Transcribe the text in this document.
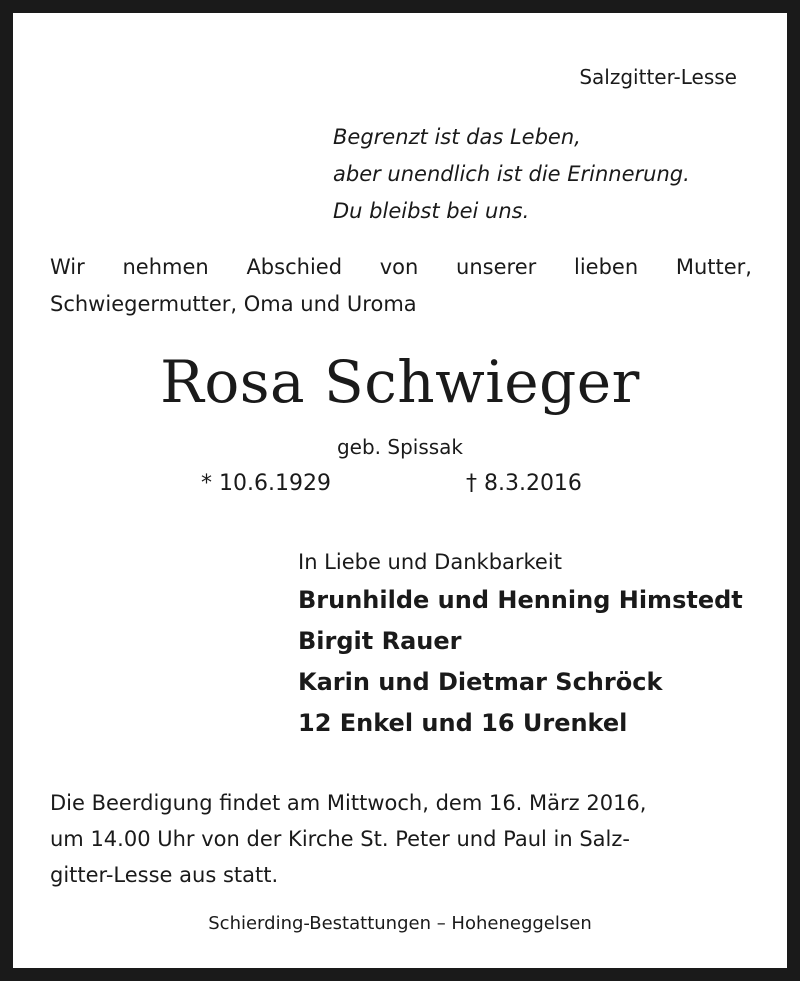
Salzgitter-Lesse
Begrenzt ist das Leben,
aber unendlich ist die Erinnerung.
Du bleibst bei uns.
Wir nehmen Abschied von unserer lieben Mutter,
Schwiegermutter, Oma und Uroma
Rosa Schwieger
geb. Spissak
* 10.6.1929	† 8.3.2016
In Liebe und Dankbarkeit
Brunhilde und Henning Himstedt
Birgit Rauer
Karin und Dietmar Schröck
12 Enkel und 16 Urenkel
Die Beerdigung findet am Mittwoch, dem 16. März 2016,
um 14.00 Uhr von der Kirche St. Peter und Paul in Salz-
gitter-Lesse aus statt.
Schierding-Bestattungen – Hoheneggelsen
